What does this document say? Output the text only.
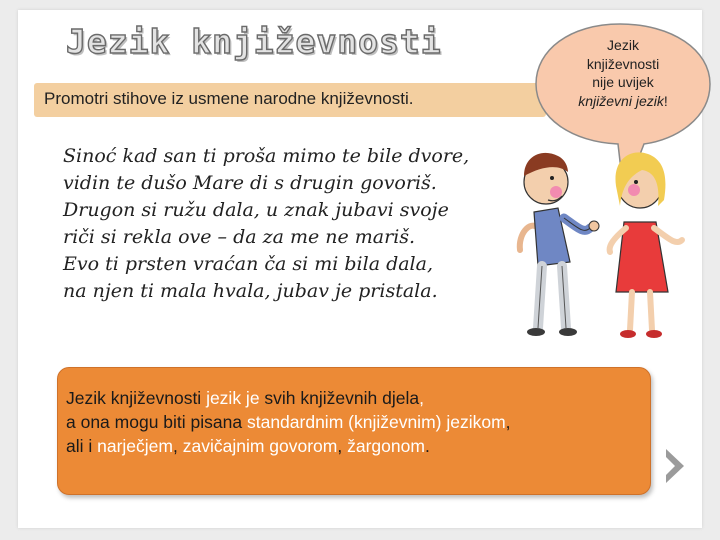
Jezik književnosti
Promotri stihove iz usmene narodne književnosti.
Sinoć kad san ti proša mimo te bile dvore,
vidin te dušo Mare di s drugin govoriš.
Drugon si ružu dala, u znak jubavi svoje
riči si rekla ove – da za me ne mariš.
Evo ti prsten vraćan ča si mi bila dala,
na njen ti mala hvala, jubav je pristala.
Jezik
književnosti
nije uvijek
književni jezik!
Jezik književnosti jezik je svih književnih djela,
a ona mogu biti pisana standardnim (književnim) jezikom,
ali i narječjem, zavičajnim govorom, žargonom.
